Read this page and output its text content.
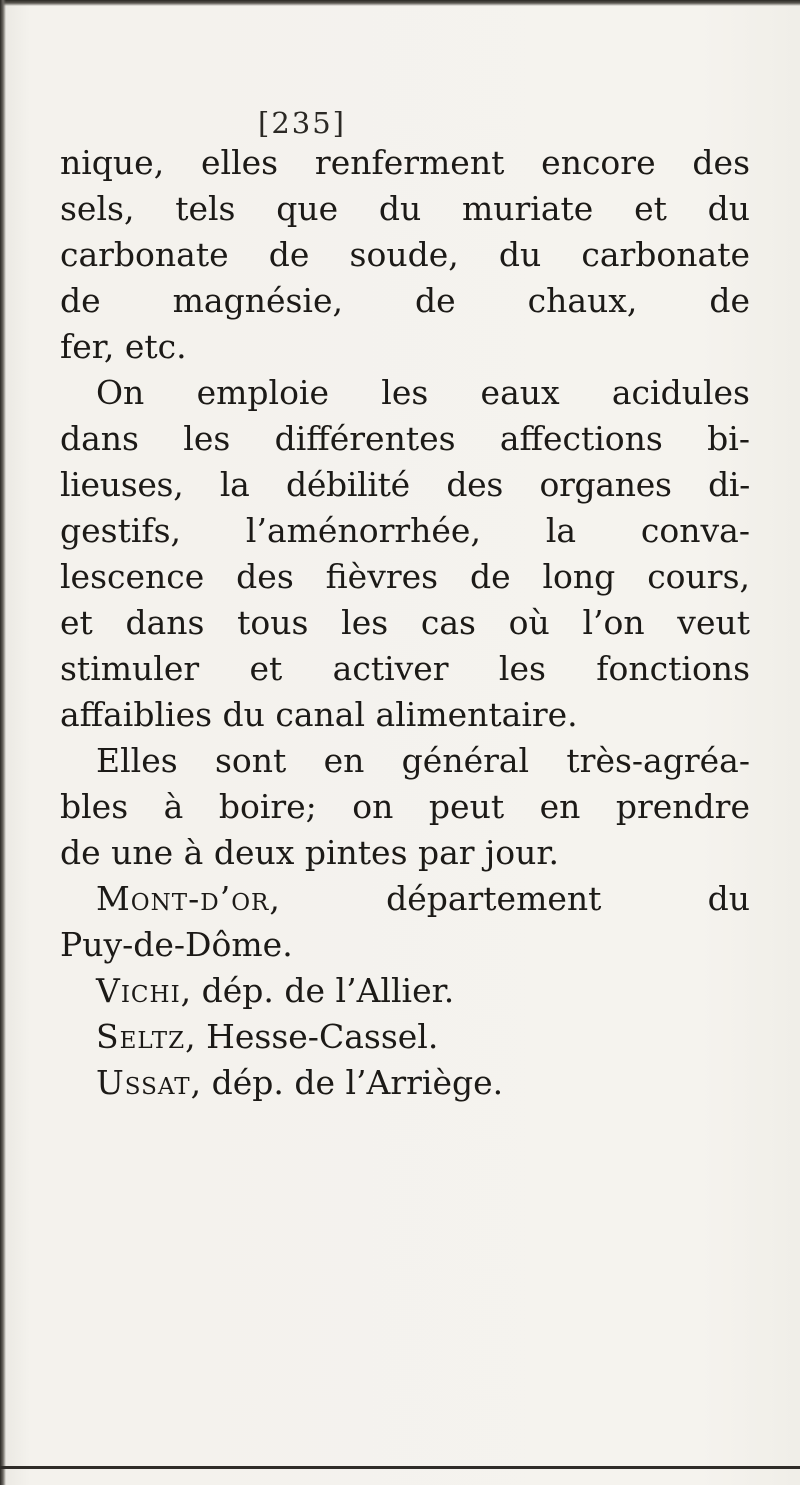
[235]
nique, elles renferment encore des
sels, tels que du muriate et du
carbonate de soude, du carbonate
de magnésie, de chaux, de
fer, etc.
On emploie les eaux acidules
dans les différentes affections bi-
lieuses, la débilité des organes di-
gestifs, l’aménorrhée, la conva-
lescence des fièvres de long cours,
et dans tous les cas où l’on veut
stimuler et activer les fonctions
affaiblies du canal alimentaire.
Elles sont en général très-agréa-
bles à boire; on peut en prendre
de une à deux pintes par jour.
Mont-d’or, département du
Puy-de-Dôme.
Vichi, dép. de l’Allier.
Seltz, Hesse-Cassel.
Ussat, dép. de l’Arriège.
